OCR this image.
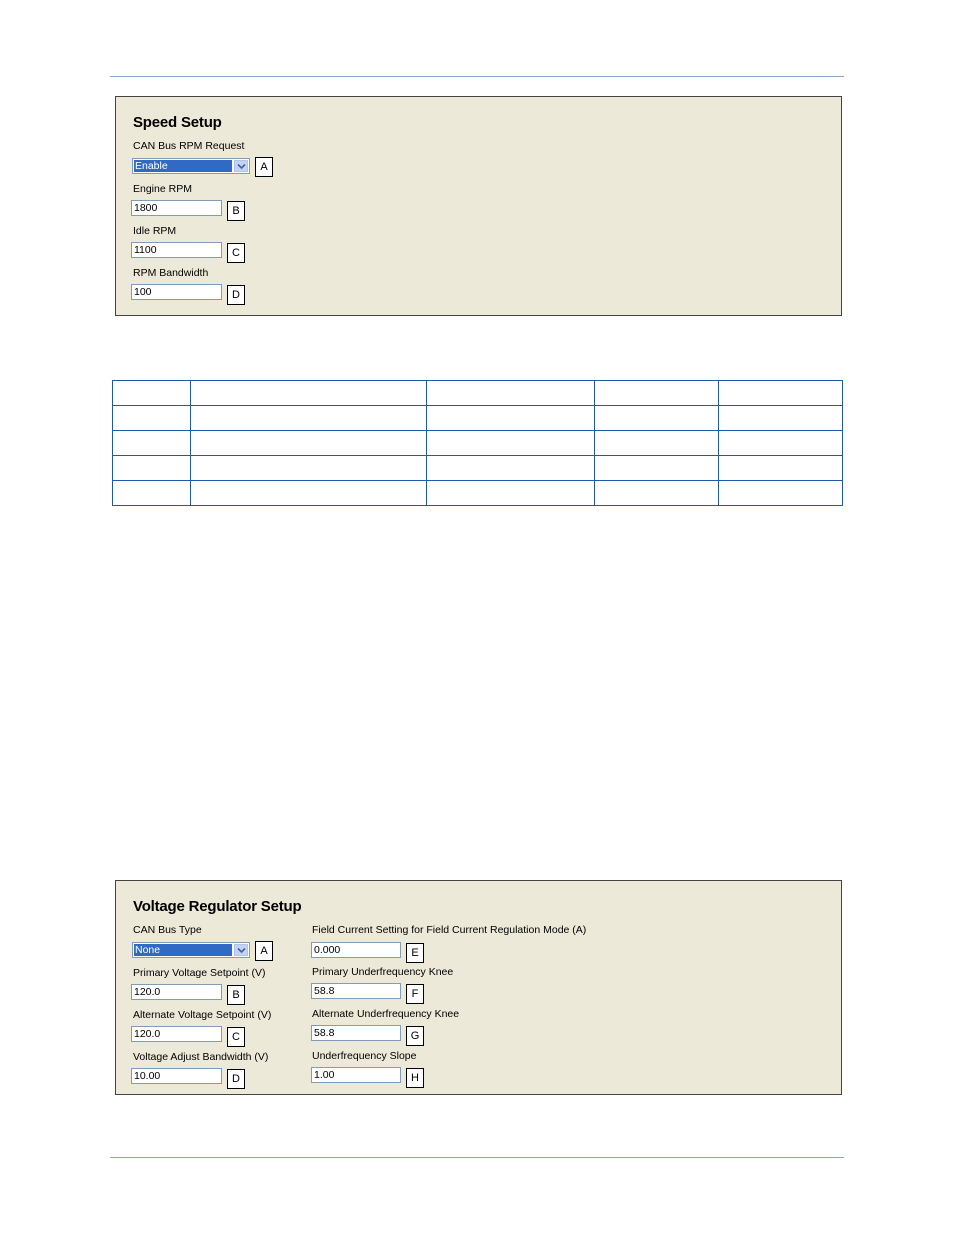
Speed Setup
CAN Bus RPM Request
Enable	A
Engine RPM
1800	B
Idle RPM
1100	C
RPM Bandwidth
100	D

Voltage Regulator Setup
CAN Bus Type
None	A
Primary Voltage Setpoint (V)
120.0	B
Alternate Voltage Setpoint (V)
120.0	C
Voltage Adjust Bandwidth (V)
10.00	D
Field Current Setting for Field Current Regulation Mode (A)
0.000	E
Primary Underfrequency Knee
58.8	F
Alternate Underfrequency Knee
58.8	G
Underfrequency Slope
1.00	H
